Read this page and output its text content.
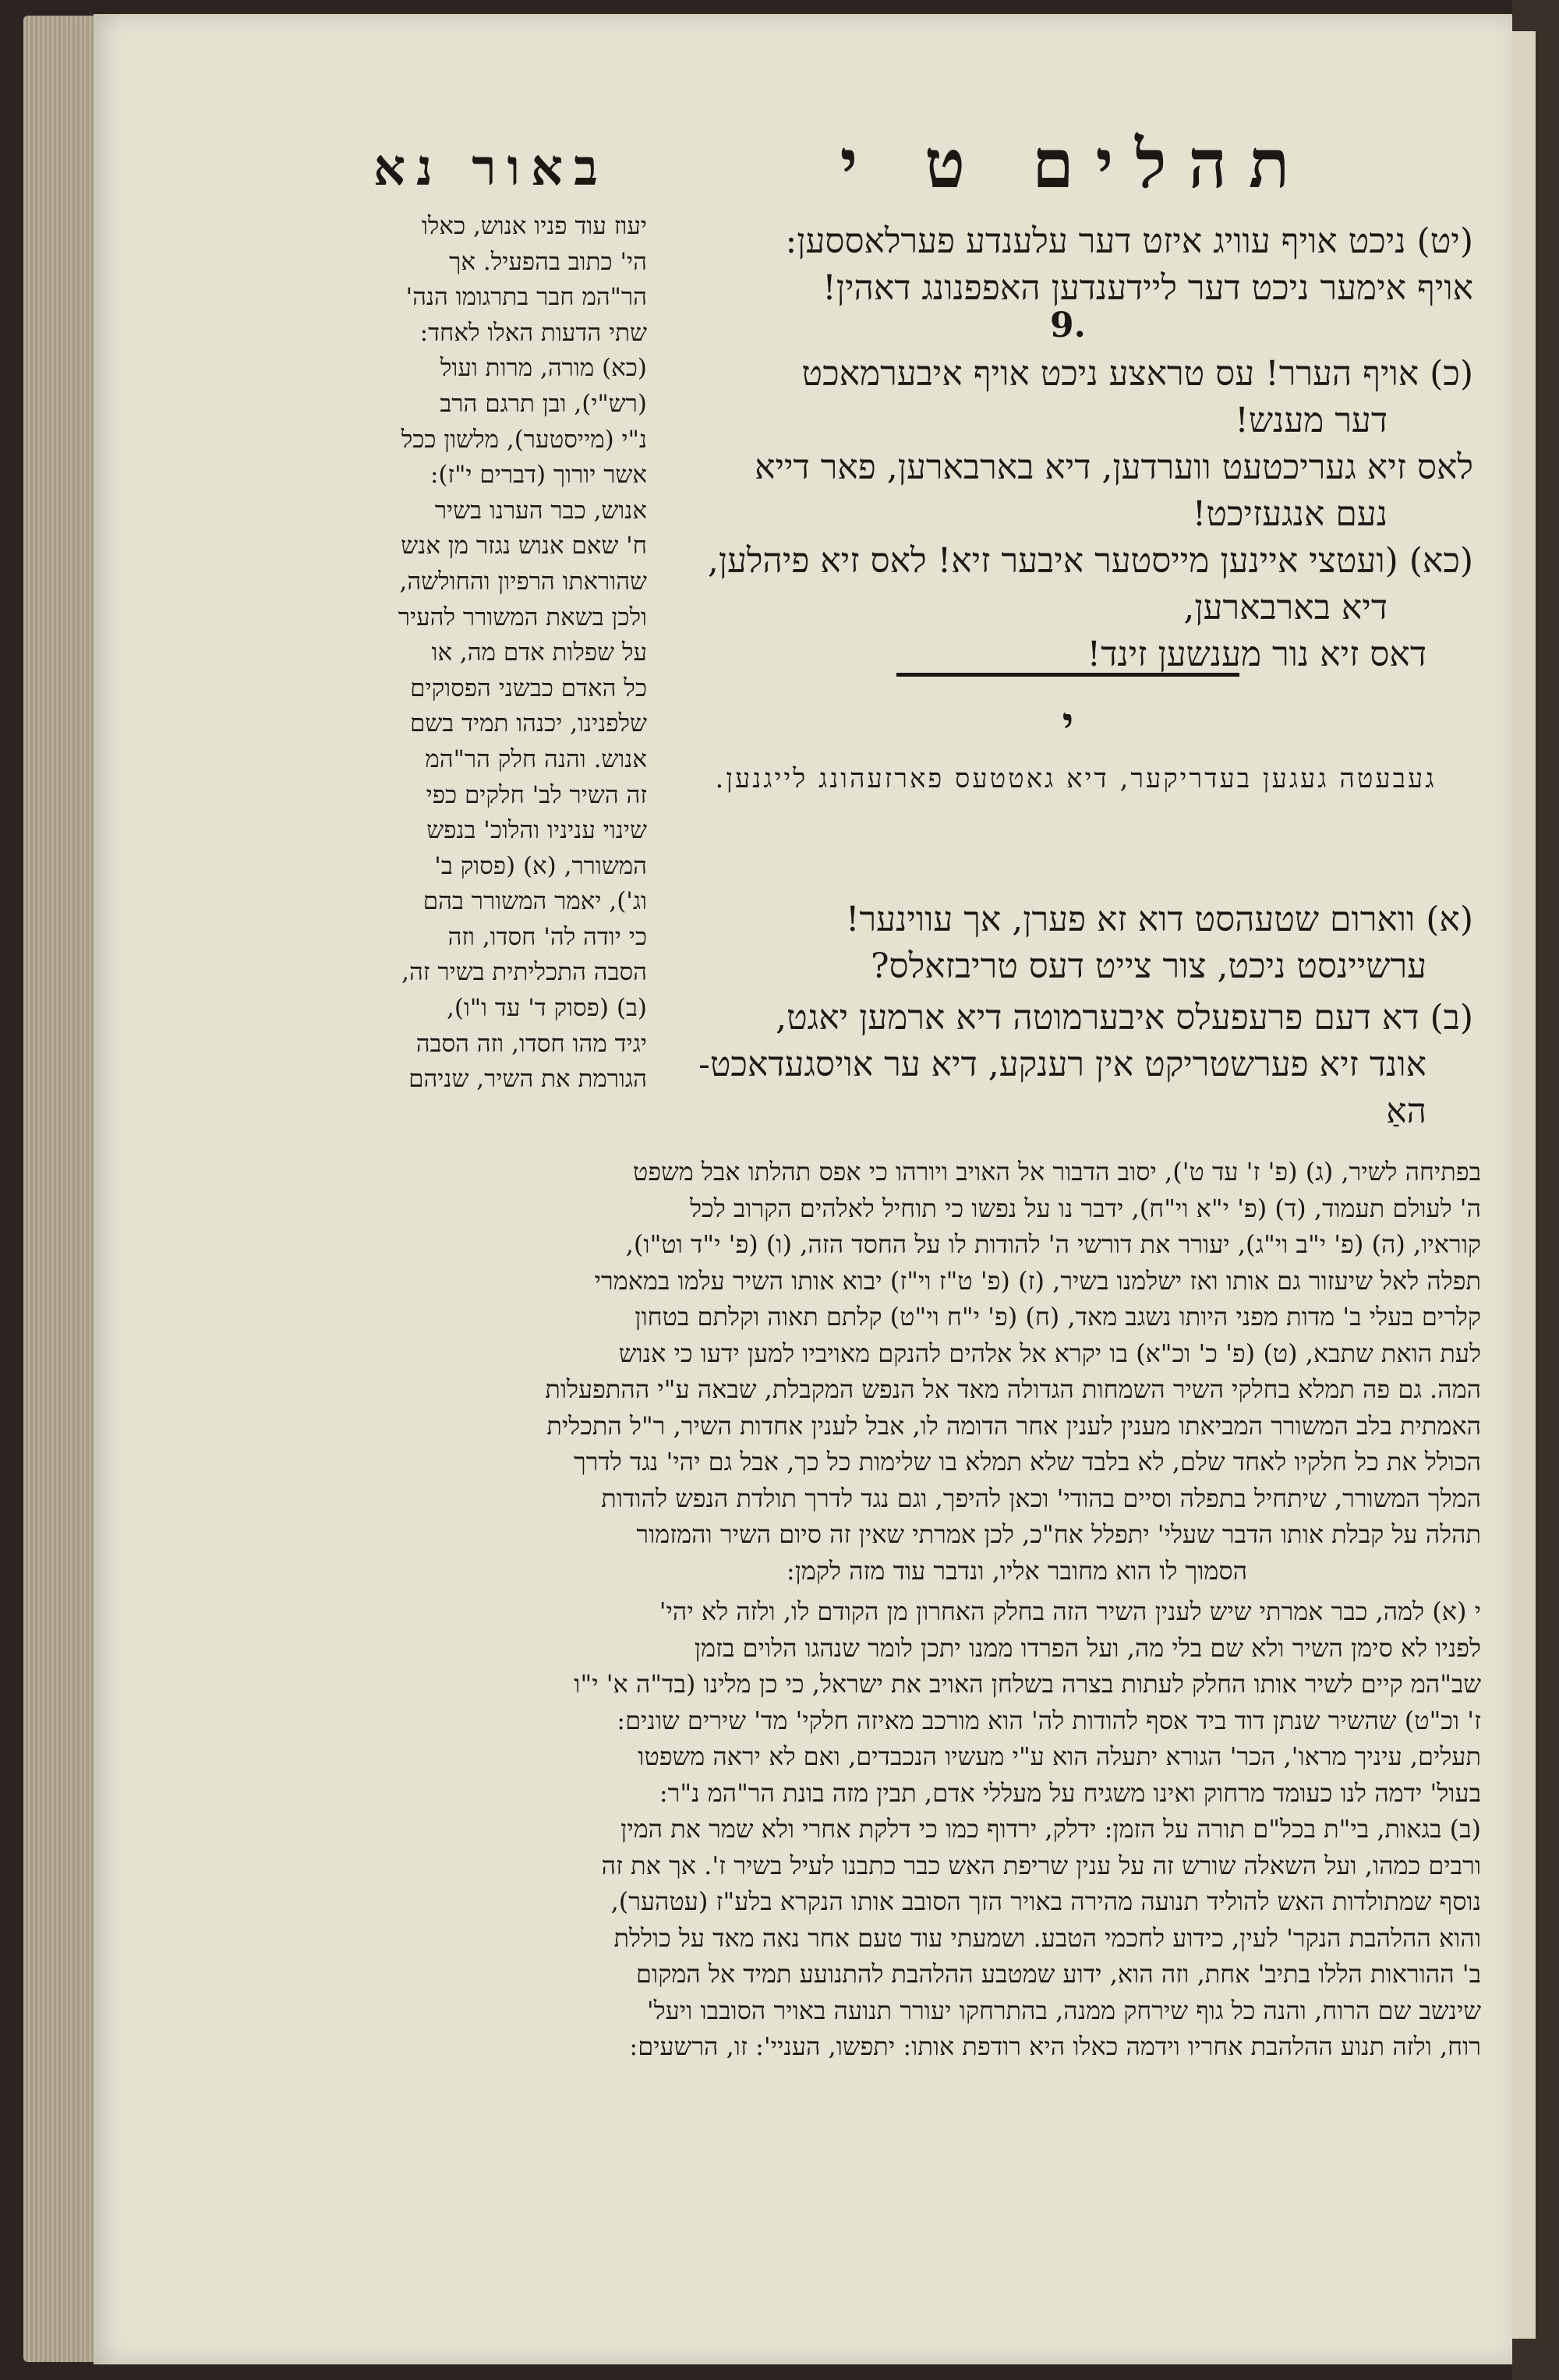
תהלים ט י
באור נא
(יט) ניכט אויף עוויג איזט דער עלענדע פערלאססען:
אויף אימער ניכט דער ליידענדען האפפנונג דאהין!
9.
(כ) אויף הערר! עס טראצע ניכט אויף איבערמאכט
דער מענש!
לאס זיא געריכטעט ווערדען, דיא בארבארען, פאר דייא
נעם אנגעזיכט!
(כא) (ועטצי איינען מייסטער איבער זיא! לאס זיא פיהלען,
דיא בארבארען,
דאס זיא נור מענשען זינד!
י
געבעטה געגען בעדריקער, דיא גאטטעס פארזעהונג לייגנען.
(א) ווארום שטעהסט דוא זא פערן, אך עווינער!
ערשיינסט ניכט, צור צייט דעס טריבזאלס?
(ב) דא דעם פרעפעלס איבערמוטה דיא ארמען יאגט,
אונד זיא פערשטריקט אין רענקע, דיא ער אויסגעדאכט-
האַ
יעוז עוד פניו אנוש, כאלו
הי' כתוב בהפעיל. אך
הר"המ חבר בתרגומו הנה'
שתי הדעות האלו לאחד:
(כא) מורה, מרות ועול
(רש"י), ובן תרגם הרב
נ"י (מייסטער), מלשון ככל
אשר יורוך (דברים י"ז):
אנוש, כבר הערנו בשיר
ח' שאם אנוש נגזר מן אנש
שהוראתו הרפיון והחולשה,
ולכן בשאת המשורר להעיר
על שפלות אדם מה, או
כל האדם כבשני הפסוקים
שלפנינו, יכנהו תמיד בשם
אנוש. והנה חלק הר"המ
זה השיר לב' חלקים כפי
שינוי עניניו והלוכ' בנפש
המשורר, (א) (פסוק ב'
וג'), יאמר המשורר בהם
כי יודה לה' חסדו, וזה
הסבה התכליתית בשיר זה,
(ב) (פסוק ד' עד ו"ו),
יגיד מהו חסדו, וזה הסבה
הגורמת את השיר, שניהם
בפתיחה לשיר, (ג) (פ' ז' עד ט'), יסוב הדבור אל האויב ויורהו כי אפס תהלתו אבל משפט
ה' לעולם תעמוד, (ד) (פ' י"א וי"ח), ידבר נו על נפשו כי תוחיל לאלהים הקרוב לכל
קוראיו, (ה) (פ' י"ב וי"ג), יעורר את דורשי ה' להודות לו על החסד הזה, (ו) (פ' י"ד וט"ו),
תפלה לאל שיעזור גם אותו ואז ישלמנו בשיר, (ז) (פ' ט"ז וי"ז) יבוא אותו השיר עלמו במאמרי
קלרים בעלי ב' מדות מפני היותו נשגב מאד, (ח) (פ' י"ח וי"ט) קלתם תאוה וקלתם בטחון
לעת הואת שתבא, (ט) (פ' כ' וכ"א) בו יקרא אל אלהים להנקם מאויביו למען ידעו כי אנוש
המה. גם פה תמלא בחלקי השיר השמחות הגדולה מאד אל הנפש המקבלת, שבאה ע"י ההתפעלות
האמתית בלב המשורר המביאתו מענין לענין אחר הדומה לו, אבל לענין אחדות השיר, ר"ל התכלית
הכולל את כל חלקיו לאחד שלם, לא בלבד שלא תמלא בו שלימות כל כך, אבל גם יהי' נגד לדרך
המלך המשורר, שיתחיל בתפלה וסיים בהודי' וכאן להיפך, וגם נגד לדרך תולדת הנפש להודות
תהלה על קבלת אותו הדבר שעלי' יתפלל אח"כ, לכן אמרתי שאין זה סיום השיר והמזמור
הסמוך לו הוא מחובר אליו, ונדבר עוד מזה לקמן:
י (א) למה, כבר אמרתי שיש לענין השיר הזה בחלק האחרון מן הקודם לו, ולזה לא יהי'
לפניו לא סימן השיר ולא שם בלי מה, ועל הפרדו ממנו יתכן לומר שנהגו הלוים בזמן
שב"המ קיים לשיר אותו החלק לעתות בצרה בשלחן האויב את ישראל, כי כן מלינו (בד"ה א' י"ו
ז' וכ"ט) שהשיר שנתן דוד ביד אסף להודות לה' הוא מורכב מאיזה חלקי' מד' שירים שונים:
תעלים, עיניך מראו', הכר' הגורא יתעלה הוא ע"י מעשיו הנכבדים, ואם לא יראה משפטו
בעול' ידמה לנו כעומד מרחוק ואינו משגיח על מעללי אדם, תבין מזה בונת הר"המ נ"ר:
(ב) בגאות, בי"ת בכל"ם תורה על הזמן: ידלק, ירדוף כמו כי דלקת אחרי ולא שמר את המין
ורבים כמהו, ועל השאלה שורש זה על ענין שריפת האש כבר כתבנו לעיל בשיר ז'. אך את זה
נוסף שמתולדות האש להוליד תנועה מהירה באויר הזך הסובב אותו הנקרא בלע"ז (עטהער),
והוא ההלהבת הנקר' לעין, כידוע לחכמי הטבע. ושמעתי עוד טעם אחר נאה מאד על כוללת
ב' ההוראות הללו בתיב' אחת, וזה הוא, ידוע שמטבע ההלהבת להתנועע תמיד אל המקום
שינשב שם הרוח, והנה כל גוף שירחק ממנה, בהתרחקו יעורר תנועה באויר הסובבו ויעל'
רוח, ולזה תנוע ההלהבת אחריו וידמה כאלו היא רודפת אותו: יתפשו, העניי': זו, הרשעים:
